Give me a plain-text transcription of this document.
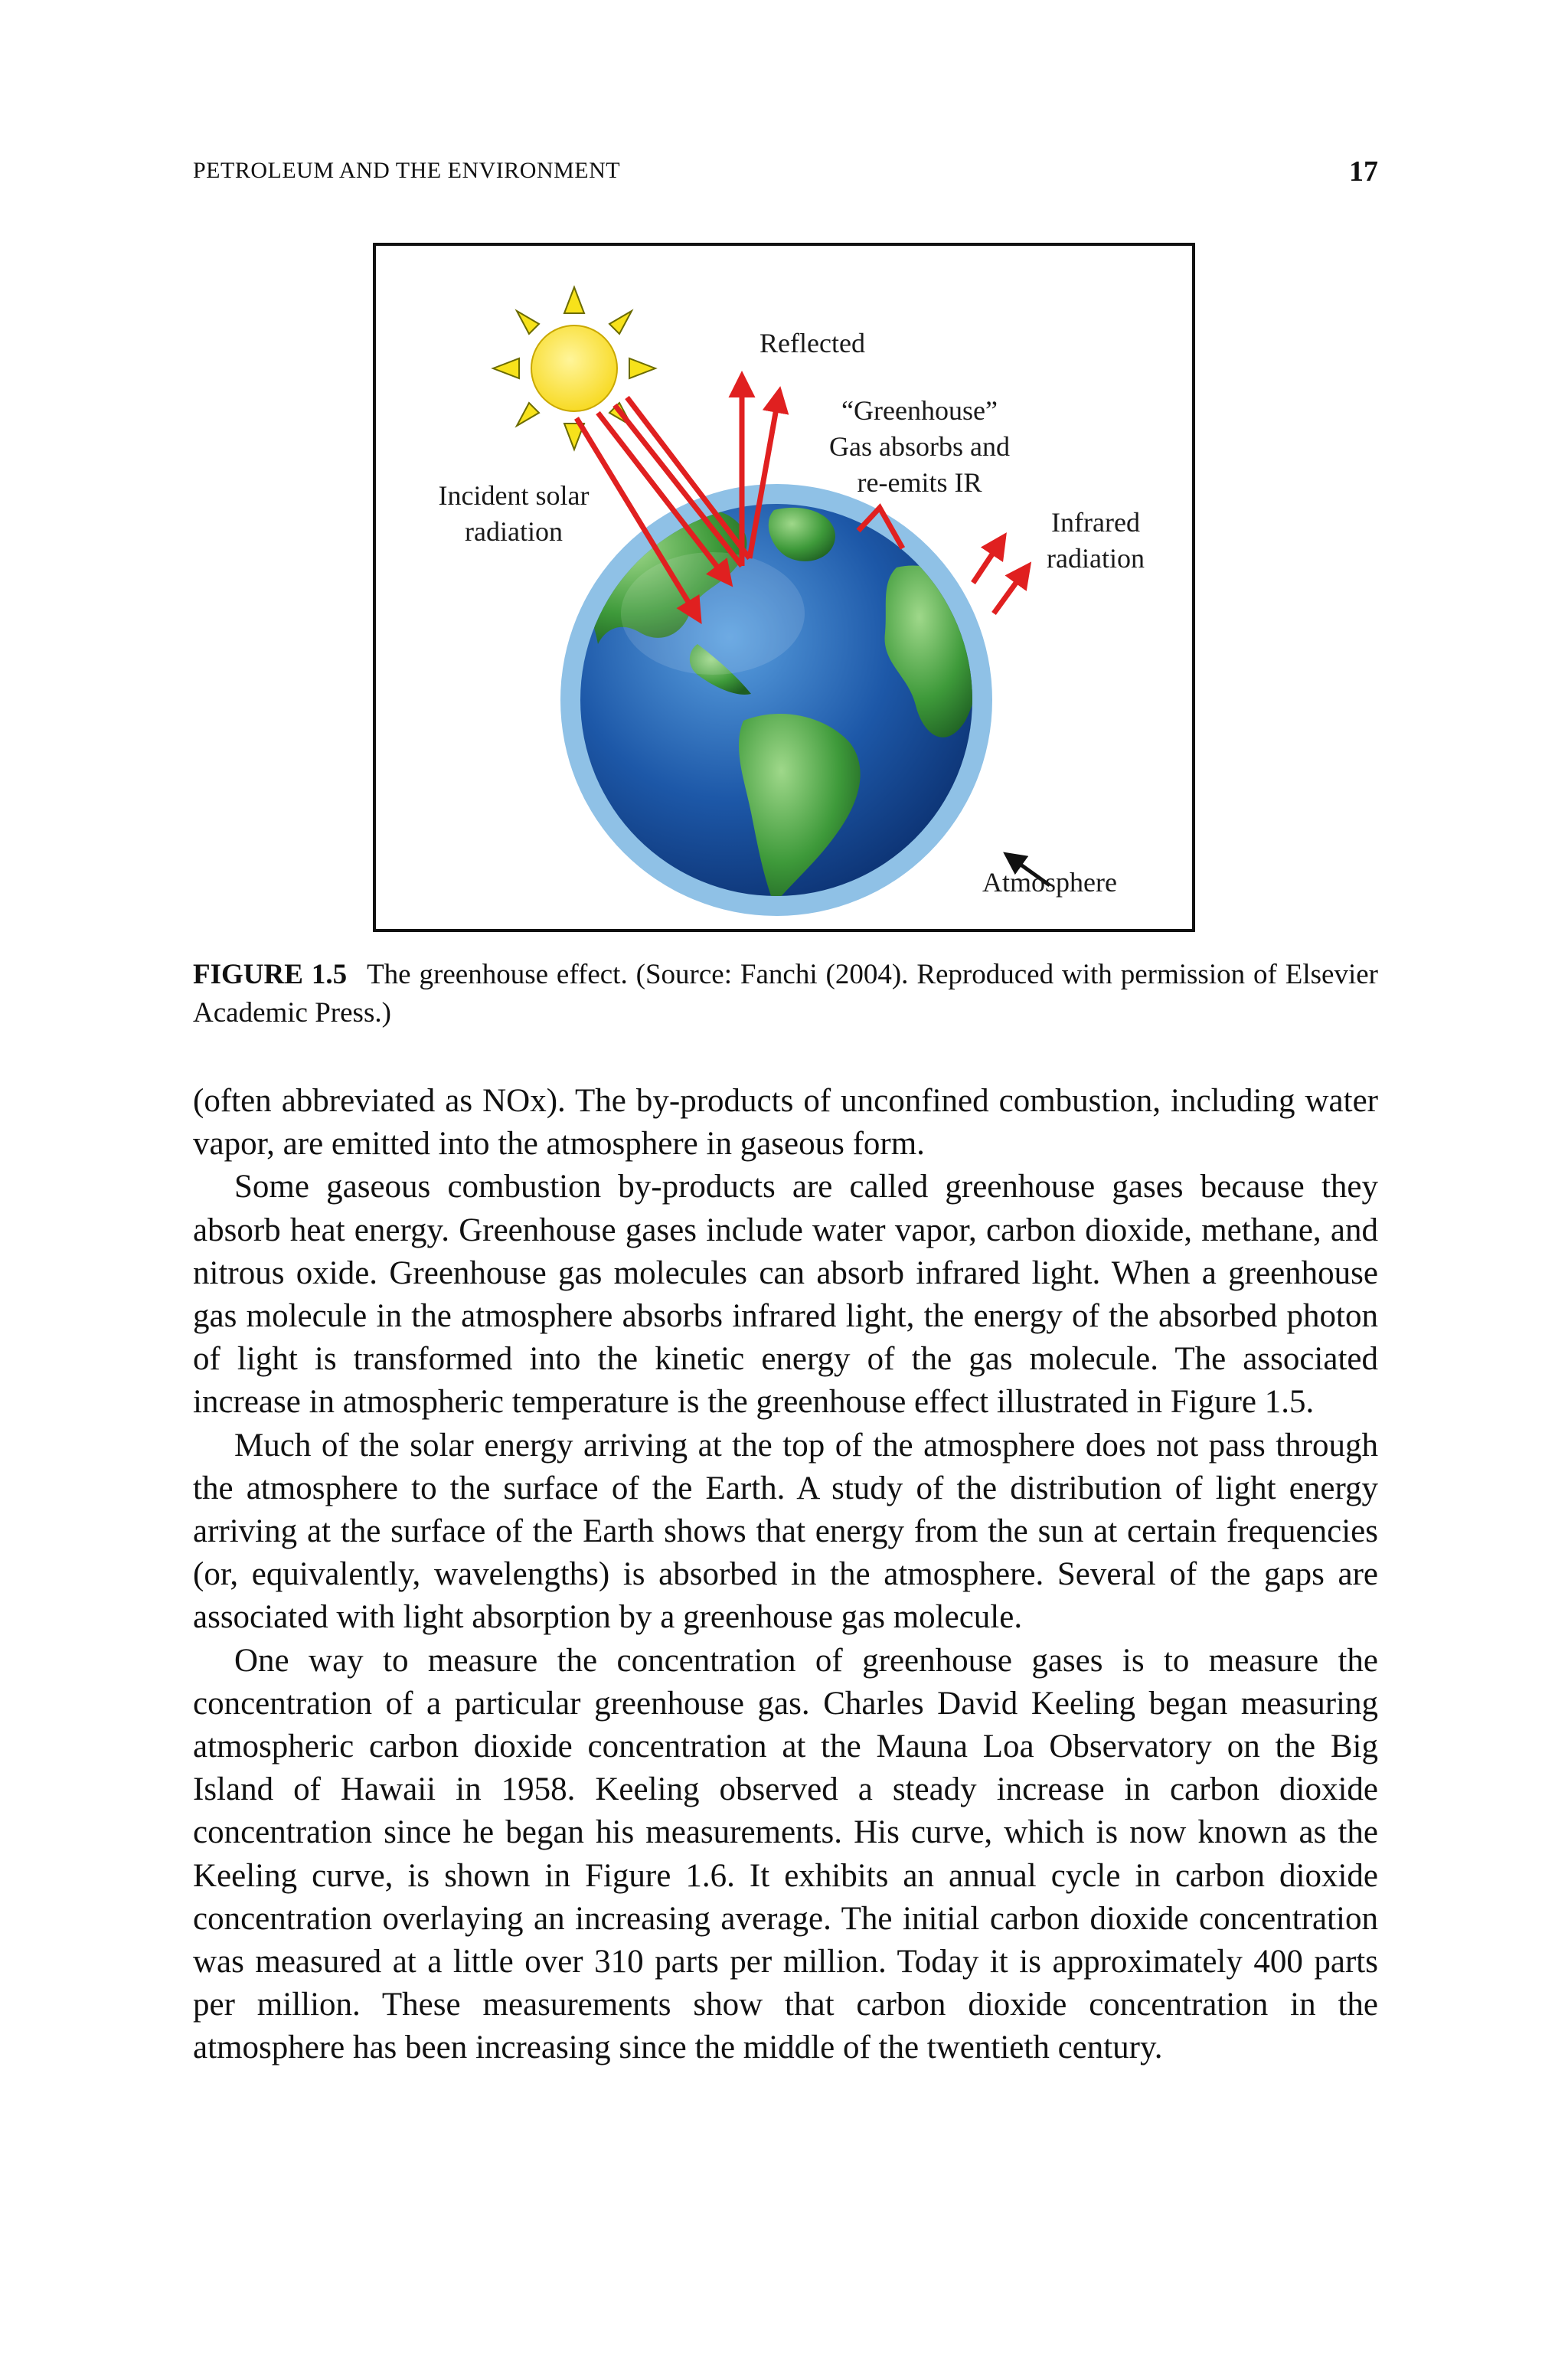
PETROLEUM AND THE ENVIRONMENT	17
Reflected
“Greenhouse”
Gas absorbs and
re-emits IR
Incident solar
radiation	Infrared
radiation
Atmosphere
FIGURE 1.5 The greenhouse effect. (Source: Fanchi (2004). Reproduced with permission of Elsevier Academic Press.)

(often abbreviated as NOx). The by-products of unconfined combustion, including water vapor, are emitted into the atmosphere in gaseous form.

Some gaseous combustion by-products are called greenhouse gases because they absorb heat energy. Greenhouse gases include water vapor, carbon dioxide, methane, and nitrous oxide. Greenhouse gas molecules can absorb infrared light. When a greenhouse gas molecule in the atmosphere absorbs infrared light, the energy of the absorbed photon of light is transformed into the kinetic energy of the gas molecule. The associated increase in atmospheric temperature is the greenhouse effect illustrated in Figure 1.5.

Much of the solar energy arriving at the top of the atmosphere does not pass through the atmosphere to the surface of the Earth. A study of the distribution of light energy arriving at the surface of the Earth shows that energy from the sun at certain frequencies (or, equivalently, wavelengths) is absorbed in the atmosphere. Several of the gaps are associated with light absorption by a greenhouse gas molecule.

One way to measure the concentration of greenhouse gases is to measure the concentration of a particular greenhouse gas. Charles David Keeling began measuring atmospheric carbon dioxide concentration at the Mauna Loa Observatory on the Big Island of Hawaii in 1958. Keeling observed a steady increase in carbon dioxide concentration since he began his measurements. His curve, which is now known as the Keeling curve, is shown in Figure 1.6. It exhibits an annual cycle in carbon dioxide concentration overlaying an increasing average. The initial carbon dioxide concentration was measured at a little over 310 parts per million. Today it is approximately 400 parts per million. These measurements show that carbon dioxide concentration in the atmosphere has been increasing since the middle of the twentieth century.
